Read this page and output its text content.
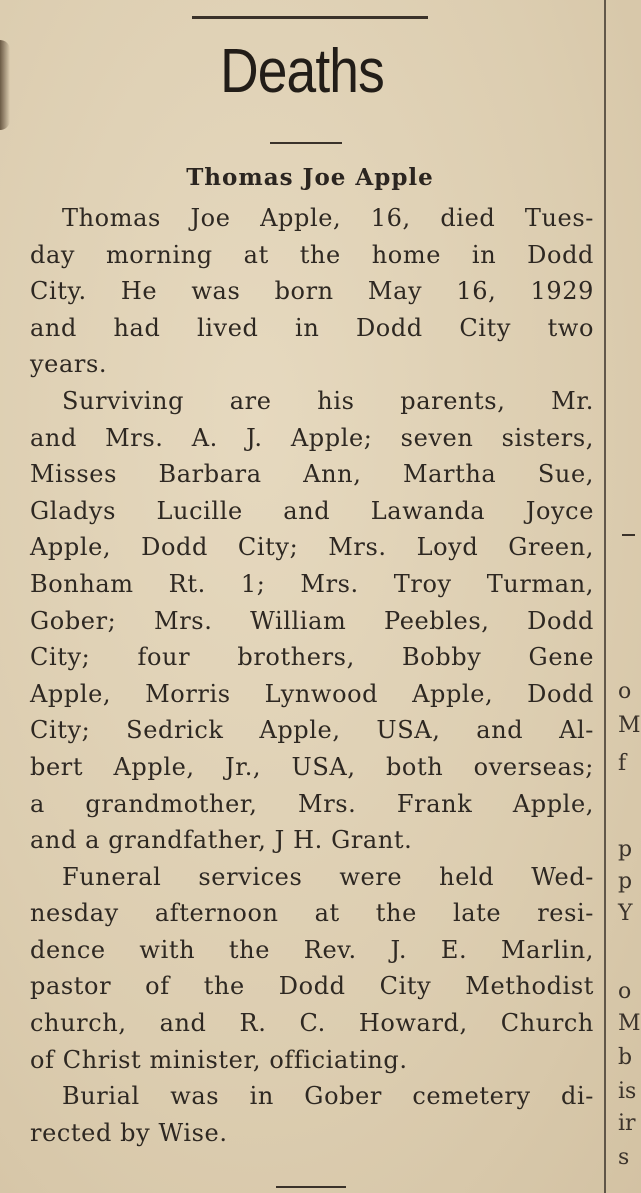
Deaths
Thomas Joe Apple
Thomas Joe Apple, 16, died Tues-
day morning at the home in Dodd
City. He was born May 16, 1929
and had lived in Dodd City two
years.
Surviving are his parents, Mr.
and Mrs. A. J. Apple; seven sisters,
Misses Barbara Ann, Martha Sue,
Gladys Lucille and Lawanda Joyce
Apple, Dodd City; Mrs. Loyd Green,
Bonham Rt. 1; Mrs. Troy Turman,
Gober; Mrs. William Peebles, Dodd
City; four brothers, Bobby Gene
Apple, Morris Lynwood Apple, Dodd
City; Sedrick Apple, USA, and Al-
bert Apple, Jr., USA, both overseas;
a grandmother, Mrs. Frank Apple,
and a grandfather, J H. Grant.
Funeral services were held Wed-
nesday afternoon at the late resi-
dence with the Rev. J. E. Marlin,
pastor of the Dodd City Methodist
church, and R. C. Howard, Church
of Christ minister, officiating.
Burial was in Gober cemetery di-
rected by Wise.
o
M
f
p
p
Y
o
M
b
is
ir
s
